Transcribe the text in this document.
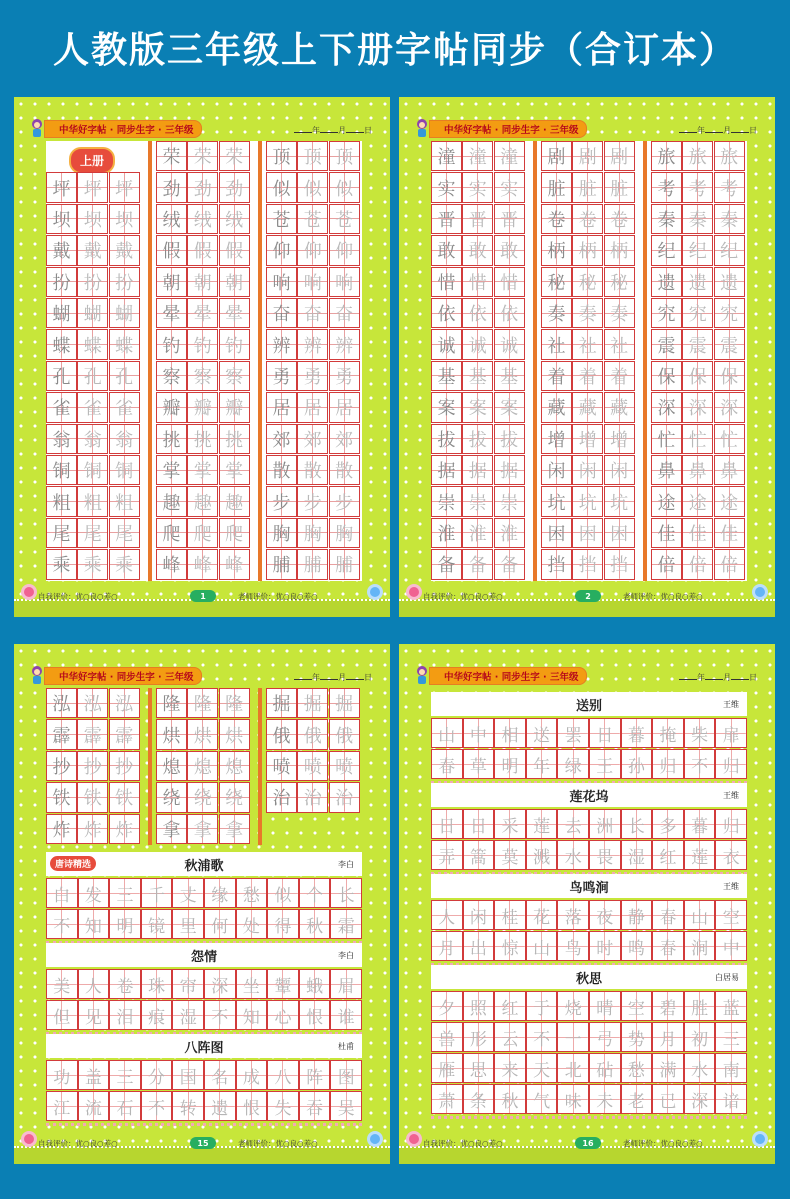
人教版三年级上下册字帖同步（合订本）
中华好字帖 · 同步生字 · 三年级	年 月 日
自我评价：优○良○差○	老师评价：优○良○差○
1
上册
坪 坪 坪
坝 坝 坝
戴 戴 戴
扮 扮 扮
蝴 蝴 蝴
蝶 蝶 蝶
孔 孔 孔
雀 雀 雀
翁 翁 翁
铜 铜 铜
粗 粗 粗
尾 尾 尾
乘 乘 乘
荣 荣 荣
劲 劲 劲
绒 绒 绒
假 假 假
朝 朝 朝
晕 晕 晕
钓 钓 钓
察 察 察
瓣 瓣 瓣
挑 挑 挑
掌 掌 掌
趣 趣 趣
爬 爬 爬
峰 峰 峰
顶 顶 顶
似 似 似
苍 苍 苍
仰 仰 仰
响 响 响
奋 奋 奋
辨 辨 辨
勇 勇 勇
居 居 居
郊 郊 郊
散 散 散
步 步 步
胸 胸 胸
脯 脯 脯
中华好字帖 · 同步生字 · 三年级	年 月 日
自我评价：优○良○差○	老师评价：优○良○差○
2
潼 潼 潼
实 实 实
晋 晋 晋
敢 敢 敢
惜 惜 惜
依 依 依
诚 诚 诚
基 基 基
案 案 案
拔 拔 拔
据 据 据
崇 崇 崇
淮 淮 淮
备 备 备
剧 剧 剧
脏 脏 脏
卷 卷 卷
柄 柄 柄
秘 秘 秘
奏 奏 奏
社 社 社
着 着 着
藏 藏 藏
增 增 增
闲 闲 闲
坑 坑 坑
困 困 困
挡 挡 挡
旅 旅 旅
考 考 考
秦 秦 秦
纪 纪 纪
遗 遗 遗
究 究 究
震 震 震
保 保 保
深 深 深
忙 忙 忙
鼻 鼻 鼻
途 途 途
佳 佳 佳
倍 倍 倍
中华好字帖 · 同步生字 · 三年级	年 月 日
自我评价：优○良○差○	老师评价：优○良○差○
15
泓 泓 泓
霹 霹 霹
抄 抄 抄
铁 铁 铁
炸 炸 炸
隆 隆 隆
烘 烘 烘
熄 熄 熄
绕 绕 绕
拿 拿 拿
掘 掘 掘
俄 俄 俄
喷 喷 喷
治 治 治
唐诗精选	秋浦歌	李白
白 发 三 千 丈 缘 愁 似 个 长
不 知 明 镜 里 何 处 得 秋 霜
怨情	李白
美 人 卷 珠 帘 深 坐 颦 蛾 眉
但 见 泪 痕 湿 不 知 心 恨 谁
八阵图	杜甫
功 盖 三 分 国 名 成 八 阵 图
江 流 石 不 转 遗 恨 失 吞 吴
中华好字帖 · 同步生字 · 三年级	年 月 日
自我评价：优○良○差○	老师评价：优○良○差○
16
送别	王维
山 中 相 送 罢 日 暮 掩 柴 扉
春 草 明 年 绿 王 孙 归 不 归
莲花坞	王维
日 日 采 莲 去 洲 长 多 暮 归
弄 篙 莫 溅 水 畏 湿 红 莲 衣
鸟鸣涧	王维
人 闲 桂 花 落 夜 静 春 山 空
月 出 惊 山 鸟 时 鸣 春 涧 中
秋思	白居易
夕 照 红 于 烧 晴 空 碧 胜 蓝
兽 形 云 不 一 弓 势 月 初 三
雁 思 来 天 北 砧 愁 满 水 南
萧 条 秋 气 味 未 老 已 深 谙
